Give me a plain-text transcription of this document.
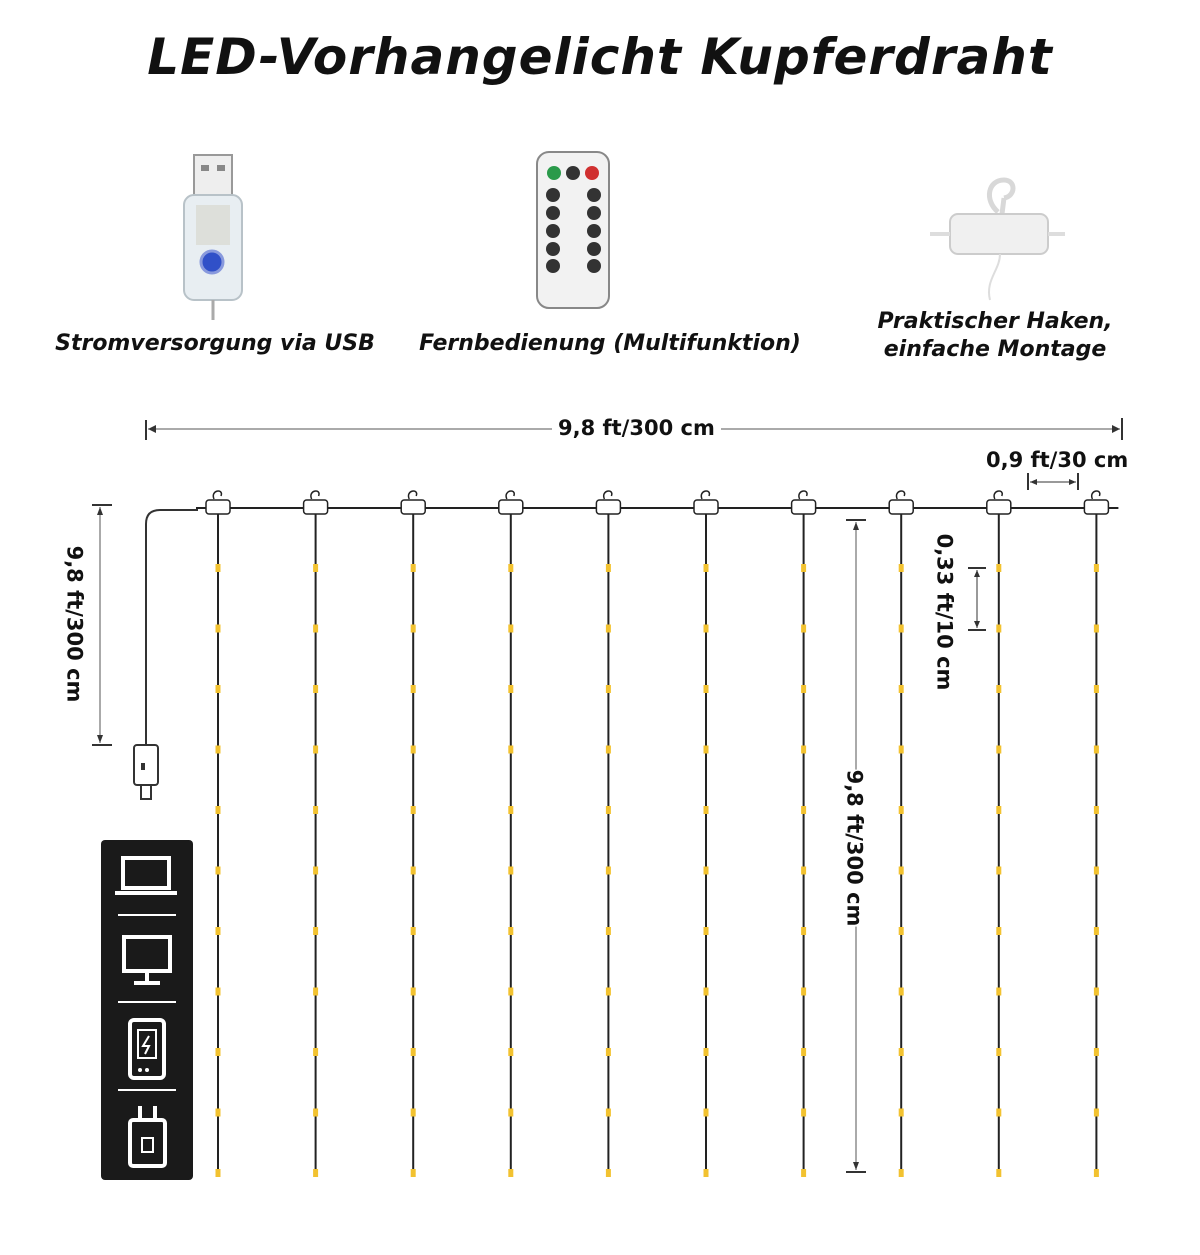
LED-Vorhangelicht Kupferdraht
Stromversorgung via USB	Fernbedienung (Multifunktion)
Praktischer Haken,
einfache Montage
9,8 ft/300 cm
0,9 ft/30 cm
9,8 ft/300 cm
9,8 ft/300 cm
0,33 ft/10 cm
